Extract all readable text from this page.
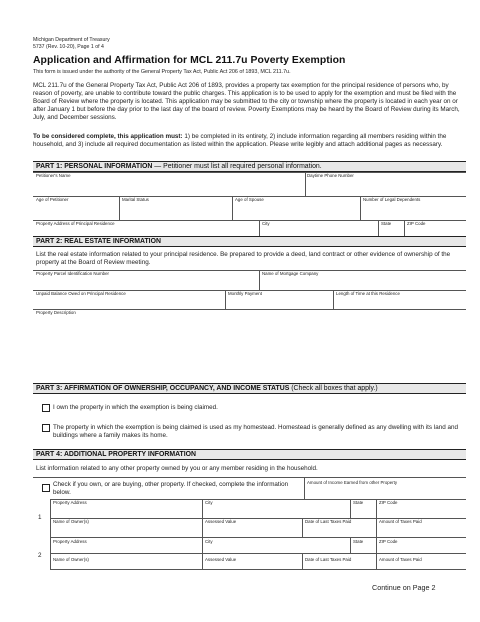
Michigan Department of Treasury
5737 (Rev. 10-20), Page 1 of 4
Application and Affirmation for MCL 211.7u Poverty Exemption
This form is issued under the authority of the General Property Tax Act, Public Act 206 of 1893, MCL 211.7u.
MCL 211.7u of the General Property Tax Act, Public Act 206 of 1893, provides a property tax exemption for the principal residence of persons who, by reason of poverty, are unable to contribute toward the public charges. This application is to be used to apply for the exemption and must be filed with the Board of Review where the property is located. This application may be submitted to the city or township where the property is located in each year on or after January 1 but before the day prior to the last day of the board of review. Poverty Exemptions may be heard by the Board of Review during its March, July, and December sessions.
To be considered complete, this application must: 1) be completed in its entirety, 2) include information regarding all members residing within the household, and 3) include all required documentation as listed within the application. Please write legibly and attach additional pages as necessary.
PART 1: PERSONAL INFORMATION — Petitioner must list all required personal information.
Petitioner's Name	Daytime Phone Number
Age of Petitioner	Marital Status	Age of Spouse	Number of Legal Dependents
Property Address of Principal Residence	City	State	ZIP Code
PART 2: REAL ESTATE INFORMATION
List the real estate information related to your principal residence. Be prepared to provide a deed, land contract or other evidence of ownership of the property at the Board of Review meeting.
Property Parcel Identification Number	Name of Mortgage Company
Unpaid Balance Owed on Principal Residence	Monthly Payment	Length of Time at this Residence
Property Description
PART 3: AFFIRMATION OF OWNERSHIP, OCCUPANCY, AND INCOME STATUS (Check all boxes that apply.)
I own the property in which the exemption is being claimed.
The property in which the exemption is being claimed is used as my homestead. Homestead is generally defined as any dwelling with its land and buildings where a family makes its home.
PART 4: ADDITIONAL PROPERTY INFORMATION
List information related to any other property owned by you or any member residing in the household.
Check if you own, or are buying, other property. If checked, complete the information below.
Amount of Income Earned from other Property
1
Property Address	City	State	ZIP Code
Name of Owner(s)	Assessed Value	Date of Last Taxes Paid	Amount of Taxes Paid
2
Property Address	City	State	ZIP Code
Name of Owner(s)	Assessed Value	Date of Last Taxes Paid	Amount of Taxes Paid
Continue on Page 2
